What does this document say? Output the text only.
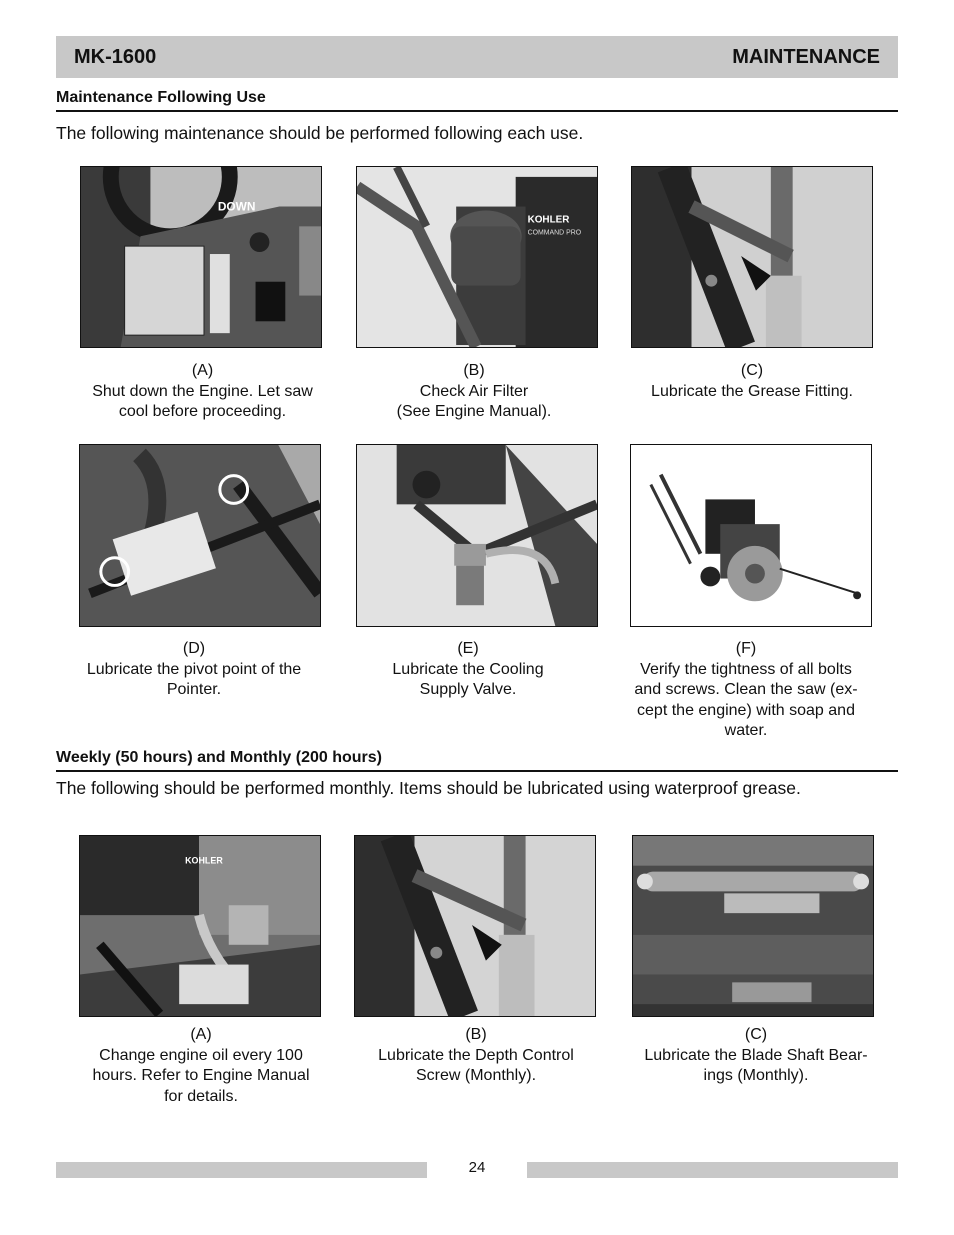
MK-1600	MAINTENANCE
Maintenance Following Use
The following maintenance should be performed following each use.
DOWN
(A)
Shut down the Engine. Let saw
cool before proceeding.
KOHLER
COMMAND PRO
(B)
Check Air Filter
(See Engine Manual).
(C)
Lubricate the Grease Fitting.
(D)
Lubricate the pivot point of the
Pointer.
(E)
Lubricate the Cooling
Supply Valve.
(F)
Verify the tightness of all bolts
and screws. Clean the saw (ex-
cept the engine) with soap and
water.
Weekly (50 hours) and Monthly (200 hours)
The following should be performed monthly. Items should be lubricated using waterproof grease.
KOHLER
(A)
Change engine oil every 100
hours. Refer to Engine Manual
for details.
(B)
Lubricate the Depth Control
Screw (Monthly).
(C)
Lubricate the Blade Shaft Bear-
ings (Monthly).
24
